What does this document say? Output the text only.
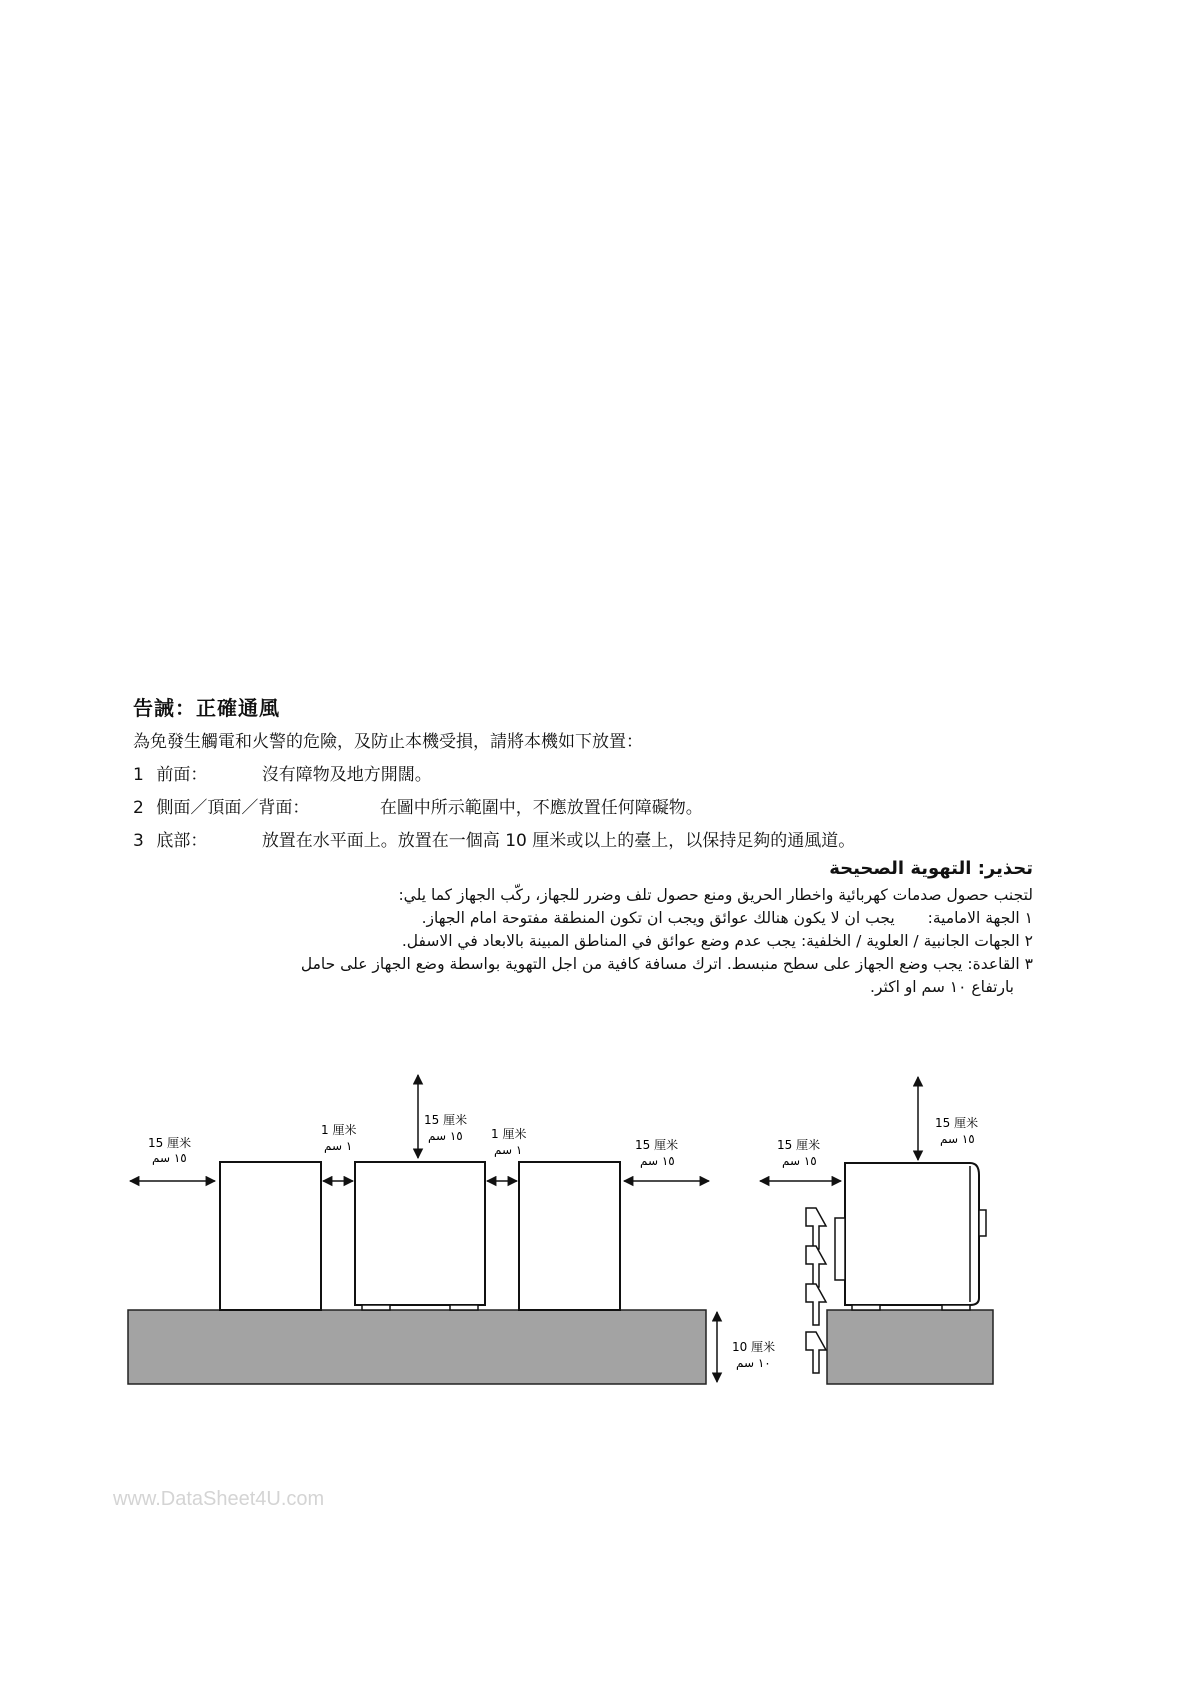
告誡：正確通風
為免發生觸電和火警的危險，及防止本機受損，請將本機如下放置：
1 前面：	沒有障物及地方開闊。
2 側面／頂面／背面：	在圖中所示範圍中，不應放置任何障礙物。
3 底部：	放置在水平面上。放置在一個高 10 厘米或以上的臺上，以保持足夠的通風道。
تحذير: التهوية الصحيحة
لتجنب حصول صدمات كهربائية واخطار الحريق ومنع حصول تلف وضرر للجهاز، ركّب الجهاز كما يلي:
١ الجهة الامامية: يجب ان لا يكون هنالك عوائق ويجب ان تكون المنطقة مفتوحة امام الجهاز.
٢ الجهات الجانبية / العلوية / الخلفية: يجب عدم وضع عوائق في المناطق المبينة بالابعاد في الاسفل.
٣ القاعدة: يجب وضع الجهاز على سطح منبسط. اترك مسافة كافية من اجل التهوية بواسطة وضع الجهاز على حامل
بارتفاع ١٠ سم او اكثر.
15 厘米
١٥ سم
1 厘米
١ سم
15 厘米
١٥ سم 1 厘米
١ سم	15 厘米
١٥ سم
10 厘米
١٠ سم
15 厘米
١٥ سم
15 厘米
١٥ سم
www.DataSheet4U.com
